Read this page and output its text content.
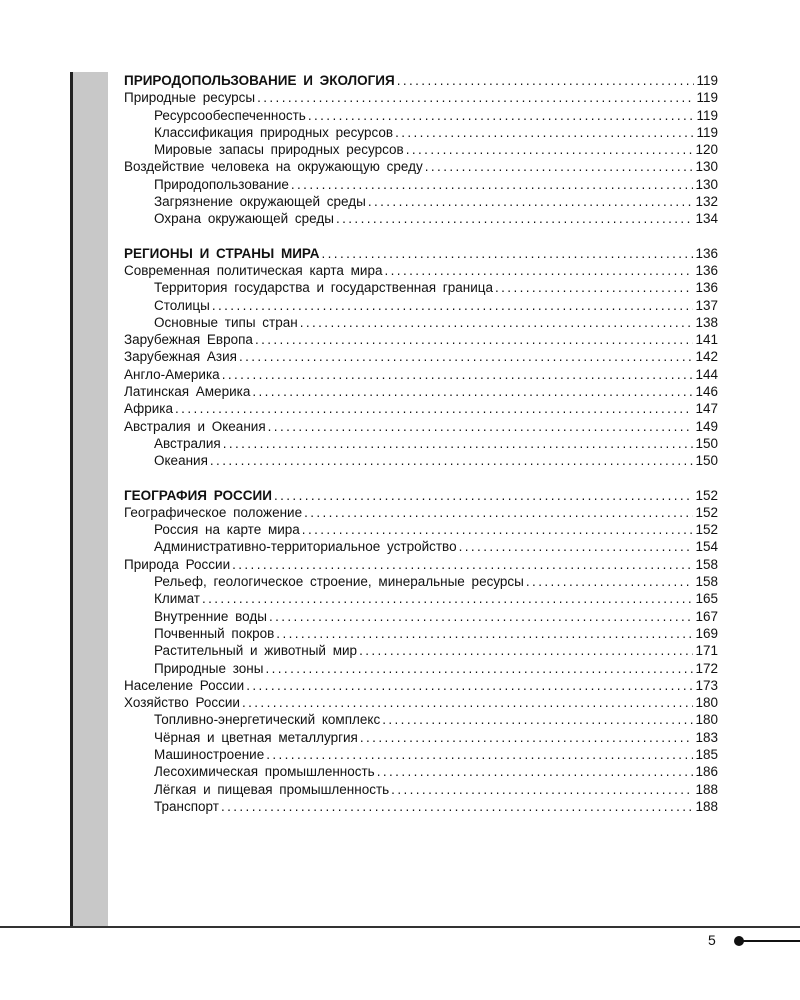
ПРИРОДОПОЛЬЗОВАНИЕ И ЭКОЛОГИЯ .....	119
Природные ресурсы .....	119
Ресурсообеспеченность .....	119
Классификация природных ресурсов .....	119
Мировые запасы природных ресурсов .....	120
Воздействие человека на окружающую среду .....	130
Природопользование .....	130
Загрязнение окружающей среды .....	132
Охрана окружающей среды .....	134
РЕГИОНЫ И СТРАНЫ МИРА .....	136
Современная политическая карта мира .....	136
Территория государства и государственная граница .....	136
Столицы .....	137
Основные типы стран .....	138
Зарубежная Европа .....	141
Зарубежная Азия .....	142
Англо-Америка .....	144
Латинская Америка .....	146
Африка .....	147
Австралия и Океания .....	149
Австралия .....	150
Океания .....	150
ГЕОГРАФИЯ РОССИИ .....	152
Географическое положение .....	152
Россия на карте мира .....	152
Административно-территориальное устройство .....	154
Природа России .....	158
Рельеф, геологическое строение, минеральные ресурсы .....	158
Климат .....	165
Внутренние воды .....	167
Почвенный покров .....	169
Растительный и животный мир .....	171
Природные зоны .....	172
Население России .....	173
Хозяйство России .....	180
Топливно-энергетический комплекс .....	180
Чёрная и цветная металлургия .....	183
Машиностроение .....	185
Лесохимическая промышленность .....	186
Лёгкая и пищевая промышленность .....	188
Транспорт .....	188
5
